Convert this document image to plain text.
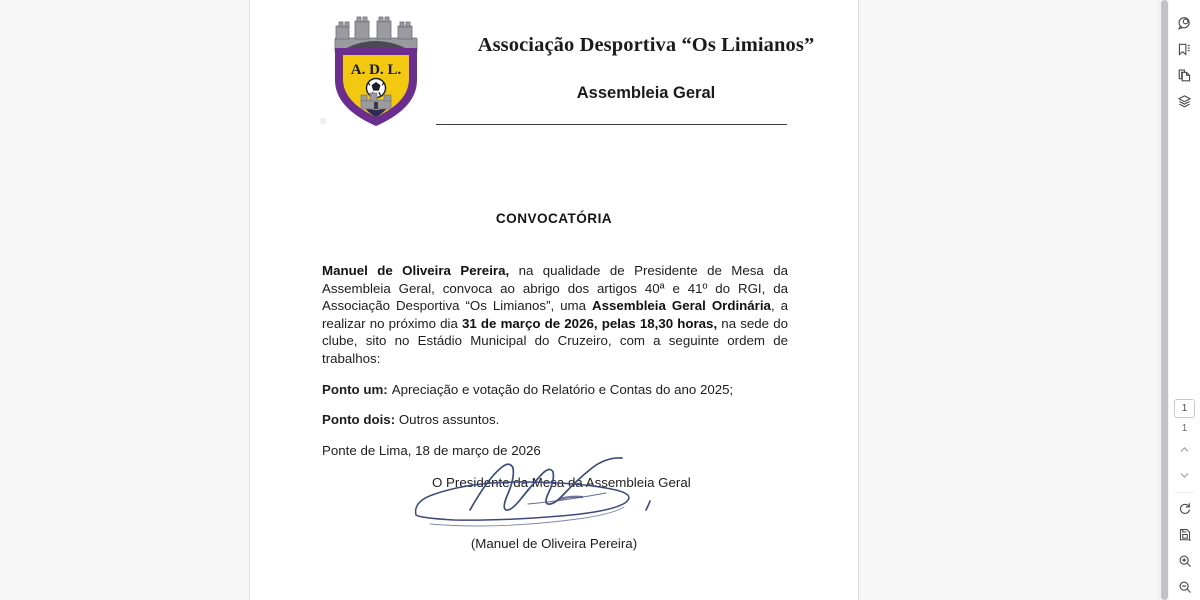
A. D. L.
Associação Desportiva “Os Limianos”
Assembleia Geral
CONVOCATÓRIA

Manuel de Oliveira Pereira, na qualidade de Presidente de Mesa da Assembleia Geral, convoca ao abrigo dos artigos 40ª e 41º do RGI, da Associação Desportiva “Os Limianos”, uma Assembleia Geral Ordinária, a realizar no próximo dia 31 de março de 2026, pelas 18,30 horas, na sede do clube, sito no Estádio Municipal do Cruzeiro, com a seguinte ordem de trabalhos:

Ponto um: Apreciação e votação do Relatório e Contas do ano 2025;

Ponto dois: Outros assuntos.

Ponte de Lima, 18 de março de 2026

O Presidente da Mesa da Assembleia Geral

(Manuel de Oliveira Pereira)
1
1
